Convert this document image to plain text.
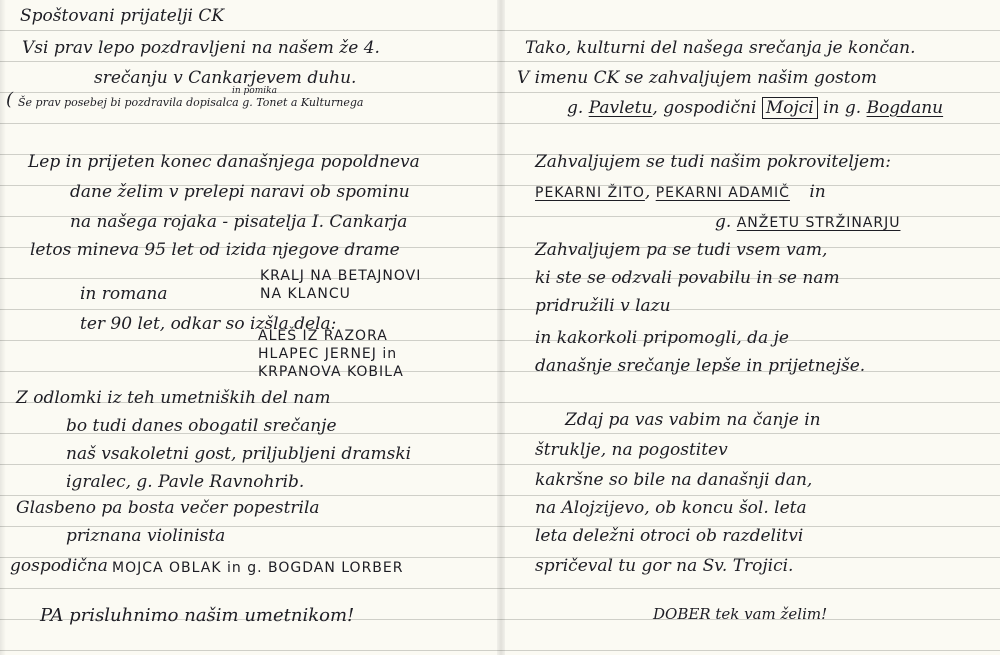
Spoštovani prijatelji CK
Vsi prav lepo pozdravljeni na našem že 4.
srečanju v Cankarjevem duhu.
in pomika
( Še prav posebej bi pozdravila dopisalca g. Tonet a Kulturnega
Lep in prijeten konec današnjega popoldneva
dane želim v prelepi naravi ob spominu
na našega rojaka - pisatelja I. Cankarja
letos mineva 95 let od izida njegove drame
KRALJ NA BETAJNOVI
in romana	NA KLANCU
ter 90 let, odkar so izšla dela:
ALEŠ IZ RAZORA
HLAPEC JERNEJ in
KRPANOVA KOBILA
Z odlomki iz teh umetniških del nam
bo tudi danes obogatil srečanje
naš vsakoletni gost, priljubljeni dramski
igralec, g. Pavle Ravnohrib.
Glasbeno pa bosta večer popestrila
priznana violinista
gospodična MOJCA OBLAK in g. BOGDAN LORBER
PA prisluhnimo našim umetnikom!
Tako, kulturni del našega srečanja je končan.
V imenu CK se zahvaljujem našim gostom
g. Pavletu, gospodični Mojci in g. Bogdanu
Zahvaljujem se tudi našim pokroviteljem:
PEKARNI ŽITO, PEKARNI ADAMIČ in
g. ANŽETU STRŽINARJU
Zahvaljujem pa se tudi vsem vam,
ki ste se odzvali povabilu in se nam
pridružili v lazu
in kakorkoli pripomogli, da je
današnje srečanje lepše in prijetnejše.
Zdaj pa vas vabim na čanje in
štruklje, na pogostitev
kakršne so bile na današnji dan,
na Alojzijevo, ob koncu šol. leta
leta deležni otroci ob razdelitvi
spričeval tu gor na Sv. Trojici.
DOBER tek vam želim!
